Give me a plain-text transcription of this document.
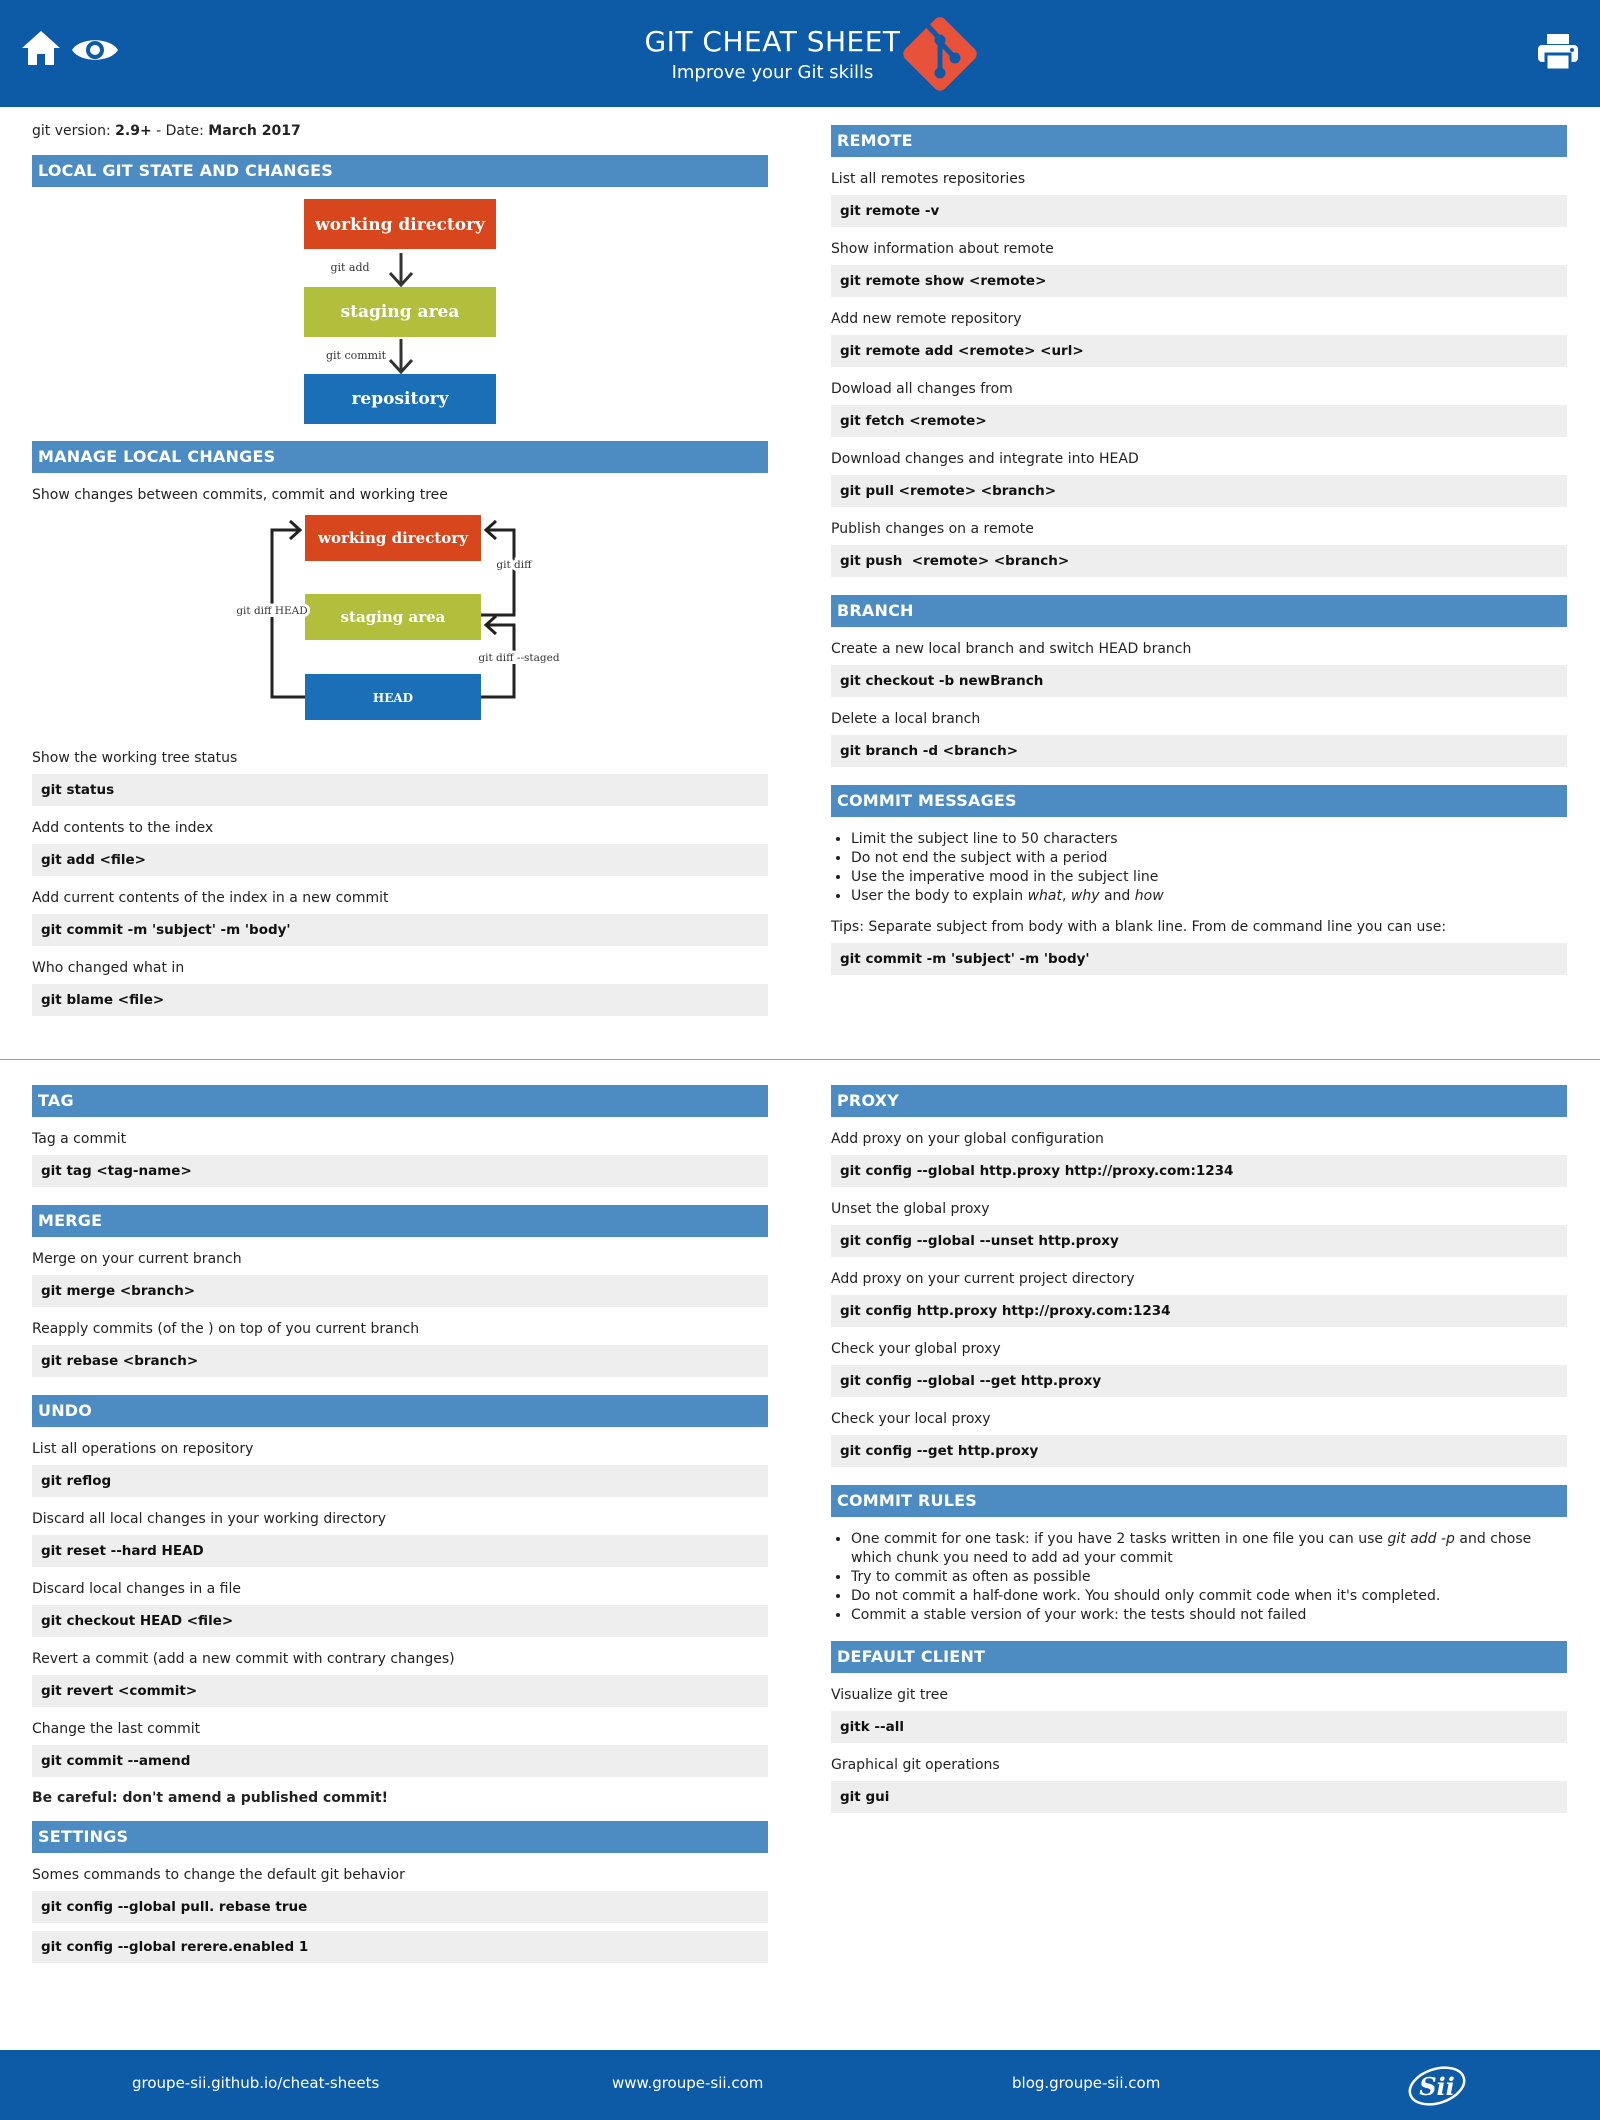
GIT CHEAT SHEET
Improve your Git skills
git version: 2.9+ - Date: March 2017
LOCAL GIT STATE AND CHANGES
working directory
git add
staging area
git commit
repository
MANAGE LOCAL CHANGES
Show changes between commits, commit and working tree
working directory
staging area
HEAD
git diff HEAD
git diff
git diff --staged
Show the working tree status
git status
Add contents to the index
git add <file>
Add current contents of the index in a new commit
git commit -m 'subject' -m 'body'
Who changed what in
git blame <file>
REMOTE
List all remotes repositories
git remote -v
Show information about remote
git remote show <remote>
Add new remote repository
git remote add <remote> <url>
Dowload all changes from
git fetch <remote>
Download changes and integrate into HEAD
git pull <remote> <branch>
Publish changes on a remote
git push  <remote> <branch>
BRANCH
Create a new local branch and switch HEAD branch
git checkout -b newBranch
Delete a local branch
git branch -d <branch>
COMMIT MESSAGES
• Limit the subject line to 50 characters
• Do not end the subject with a period
• Use the imperative mood in the subject line
• User the body to explain what, why and how
Tips: Separate subject from body with a blank line. From de command line you can use:
git commit -m 'subject' -m 'body'
TAG
Tag a commit
git tag <tag-name>
MERGE
Merge on your current branch
git merge <branch>
Reapply commits (of the ) on top of you current branch
git rebase <branch>
UNDO
List all operations on repository
git reflog
Discard all local changes in your working directory
git reset --hard HEAD
Discard local changes in a file
git checkout HEAD <file>
Revert a commit (add a new commit with contrary changes)
git revert <commit>
Change the last commit
git commit --amend
Be careful: don't amend a published commit!
SETTINGS
Somes commands to change the default git behavior
git config --global pull. rebase true
git config --global rerere.enabled 1
PROXY
Add proxy on your global configuration
git config --global http.proxy http://proxy.com:1234
Unset the global proxy
git config --global --unset http.proxy
Add proxy on your current project directory
git config http.proxy http://proxy.com:1234
Check your global proxy
git config --global --get http.proxy
Check your local proxy
git config --get http.proxy
COMMIT RULES
• One commit for one task: if you have 2 tasks written in one file you can use git add -p and chose which chunk you need to add ad your commit
• Try to commit as often as possible
• Do not commit a half-done work. You should only commit code when it's completed.
• Commit a stable version of your work: the tests should not failed
DEFAULT CLIENT
Visualize git tree
gitk --all
Graphical git operations
git gui
groupe-sii.github.io/cheat-sheets	www.groupe-sii.com	blog.groupe-sii.com	Sii
